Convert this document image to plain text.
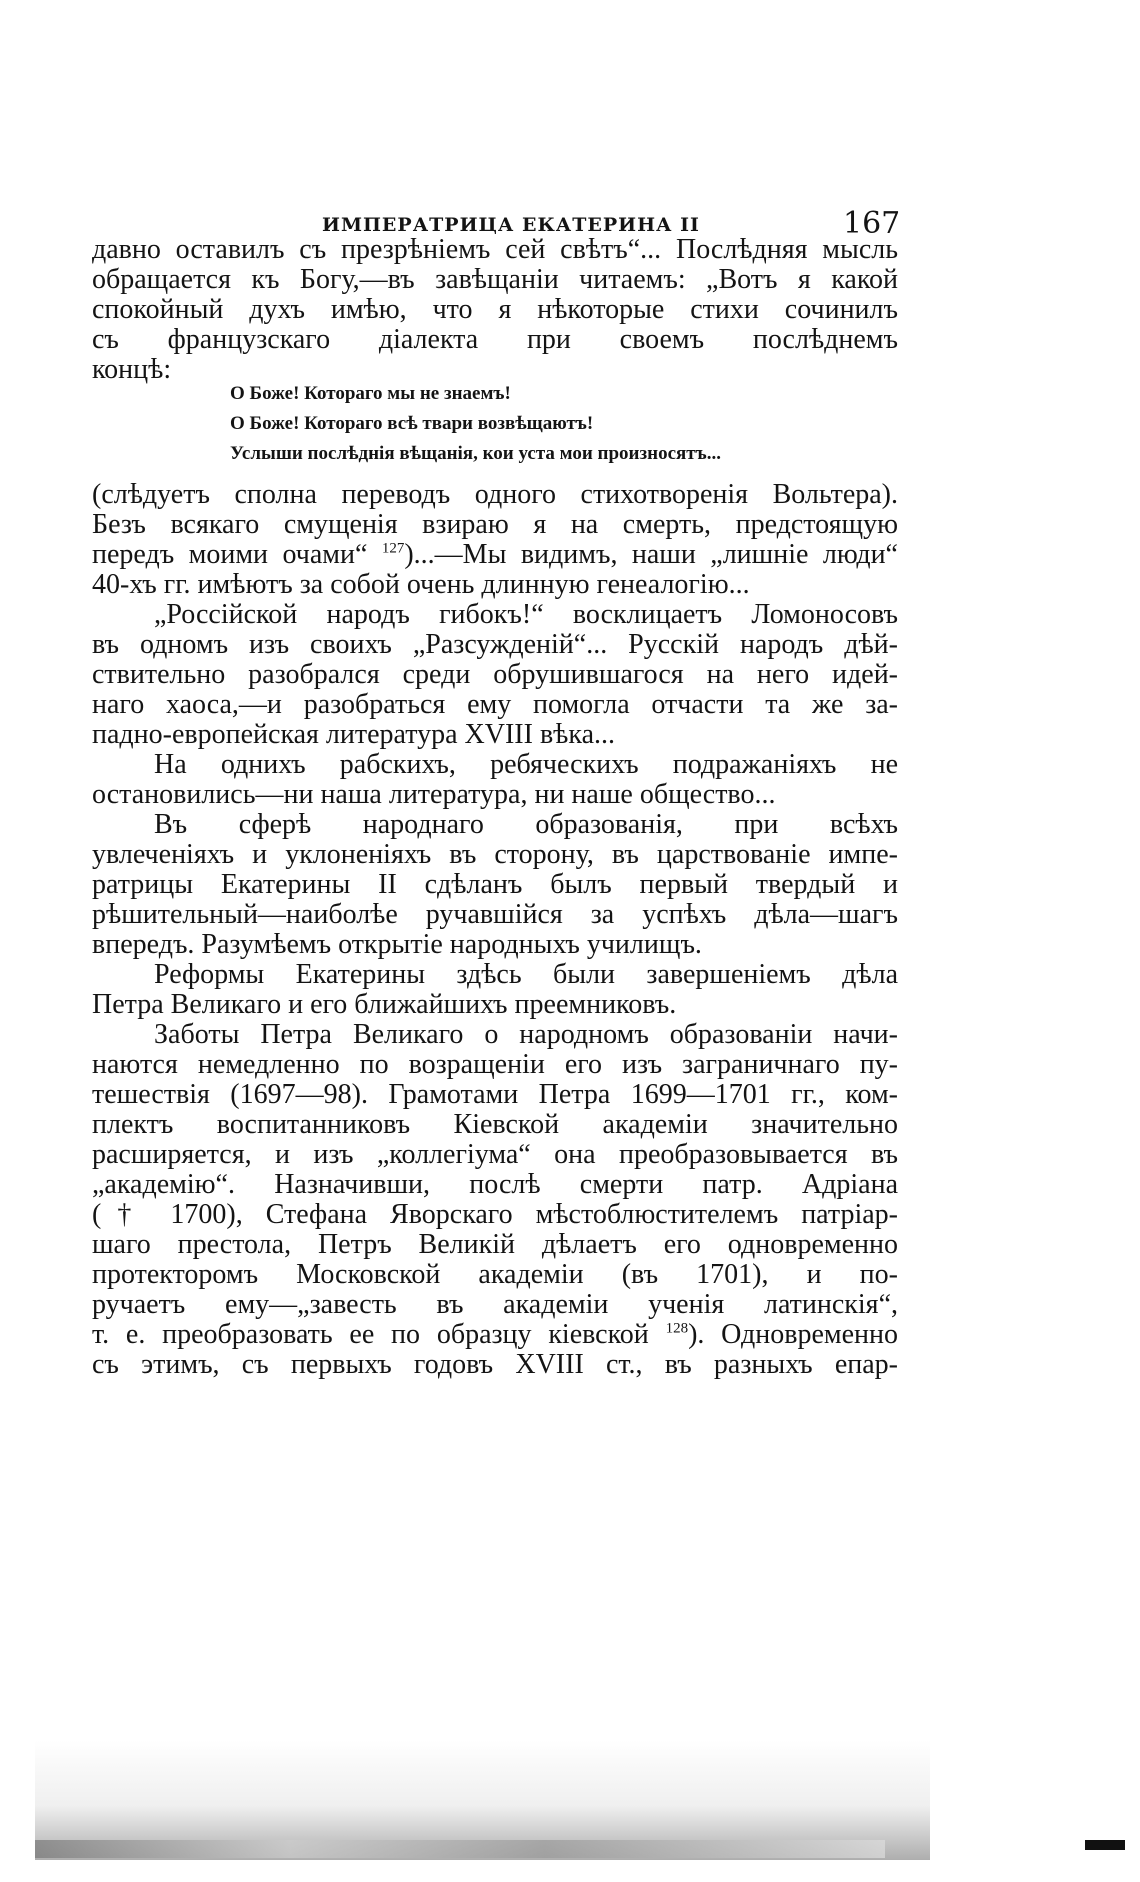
ИМПЕРАТРИЦА ЕКАТЕРИНА II	167
давно оставилъ съ презрѣніемъ сей свѣтъ“... Послѣдняя мысль
обращается къ Богу,—въ завѣщаніи читаемъ: „Вотъ я какой
спокойный духъ имѣю, что я нѣкоторые стихи сочинилъ
съ французскаго діалекта при своемъ послѣднемъ
концѣ:
О Боже! Котораго мы не знаемъ!
О Боже! Котораго всѣ твари возвѣщаютъ!
Услыши послѣднія вѣщанія, кои уста мои произносятъ...
(слѣдуетъ сполна переводъ одного стихотворенія Вольтера).
Безъ всякаго смущенія взираю я на смерть, предстоящую
передъ моими очами“ $^{127}$)...—Мы видимъ, наши „лишніе люди“
40-хъ гг. имѣютъ за собой очень длинную генеалогію...
„Россійской народъ гибокъ!“ восклицаетъ Ломоносовъ
въ одномъ изъ своихъ „Разсужденій“... Русскій народъ дѣй-
ствительно разобрался среди обрушившагося на него идей-
наго хаоса,—и разобраться ему помогла отчасти та же за-
падно-европейская литература XVIII вѣка...
На однихъ рабскихъ, ребяческихъ подражаніяхъ не
остановились—ни наша литература, ни наше общество...
Въ сферѣ народнаго образованія, при всѣхъ
увлеченіяхъ и уклоненіяхъ въ сторону, въ царствованіе импе-
ратрицы Екатерины II сдѣланъ былъ первый твердый и
рѣшительный—наиболѣе ручавшійся за успѣхъ дѣла—шагъ
впередъ. Разумѣемъ открытіе народныхъ училищъ.
Реформы Екатерины здѣсь были завершеніемъ дѣла
Петра Великаго и его ближайшихъ преемниковъ.
Заботы Петра Великаго о народномъ образованіи начи-
наются немедленно по возращеніи его изъ заграничнаго пу-
тешествія (1697—98). Грамотами Петра 1699—1701 гг., ком-
плектъ воспитанниковъ Кіевской академіи значительно
расширяется, и изъ „коллегіума“ она преобразовывается въ
„академію“. Назначивши, послѣ смерти патр. Адріана
(† 1700), Стефана Яворскаго мѣстоблюстителемъ патріар-
шаго престола, Петръ Великій дѣлаетъ его одновременно
протекторомъ Московской академіи (въ 1701), и по-
ручаетъ ему—„завесть въ академіи ученія латинскія“,
т. е. преобразовать ее по образцу кіевской $^{128}$). Одновременно
съ этимъ, съ первыхъ годовъ XVIII ст., въ разныхъ епар-
